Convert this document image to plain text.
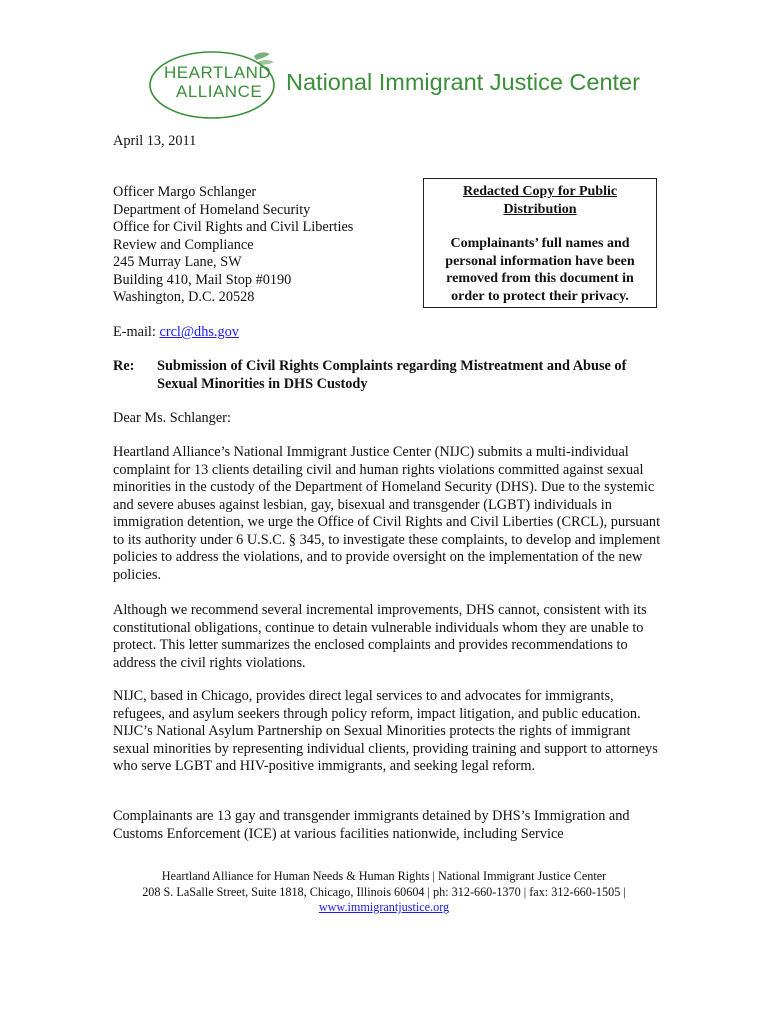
HEARTLAND
ALLIANCE National Immigrant Justice Center
April 13, 2011
Officer Margo Schlanger
Department of Homeland Security
Office for Civil Rights and Civil Liberties
Review and Compliance
245 Murray Lane, SW
Building 410, Mail Stop #0190
Washington, D.C. 20528
Redacted Copy for Public Distribution
Complainants’ full names and personal information have been removed from this document in order to protect their privacy.
E-mail: crcl@dhs.gov
Re: Submission of Civil Rights Complaints regarding Mistreatment and Abuse of Sexual Minorities in DHS Custody
Dear Ms. Schlanger:
Heartland Alliance’s National Immigrant Justice Center (NIJC) submits a multi-individual complaint for 13 clients detailing civil and human rights violations committed against sexual minorities in the custody of the Department of Homeland Security (DHS). Due to the systemic and severe abuses against lesbian, gay, bisexual and transgender (LGBT) individuals in immigration detention, we urge the Office of Civil Rights and Civil Liberties (CRCL), pursuant to its authority under 6 U.S.C. § 345, to investigate these complaints, to develop and implement policies to address the violations, and to provide oversight on the implementation of the new policies.
Although we recommend several incremental improvements, DHS cannot, consistent with its constitutional obligations, continue to detain vulnerable individuals whom they are unable to protect. This letter summarizes the enclosed complaints and provides recommendations to address the civil rights violations.
NIJC, based in Chicago, provides direct legal services to and advocates for immigrants, refugees, and asylum seekers through policy reform, impact litigation, and public education. NIJC’s National Asylum Partnership on Sexual Minorities protects the rights of immigrant sexual minorities by representing individual clients, providing training and support to attorneys who serve LGBT and HIV-positive immigrants, and seeking legal reform.
Complainants are 13 gay and transgender immigrants detained by DHS’s Immigration and Customs Enforcement (ICE) at various facilities nationwide, including Service
Heartland Alliance for Human Needs & Human Rights | National Immigrant Justice Center
208 S. LaSalle Street, Suite 1818, Chicago, Illinois 60604 | ph: 312-660-1370 | fax: 312-660-1505 |
www.immigrantjustice.org
